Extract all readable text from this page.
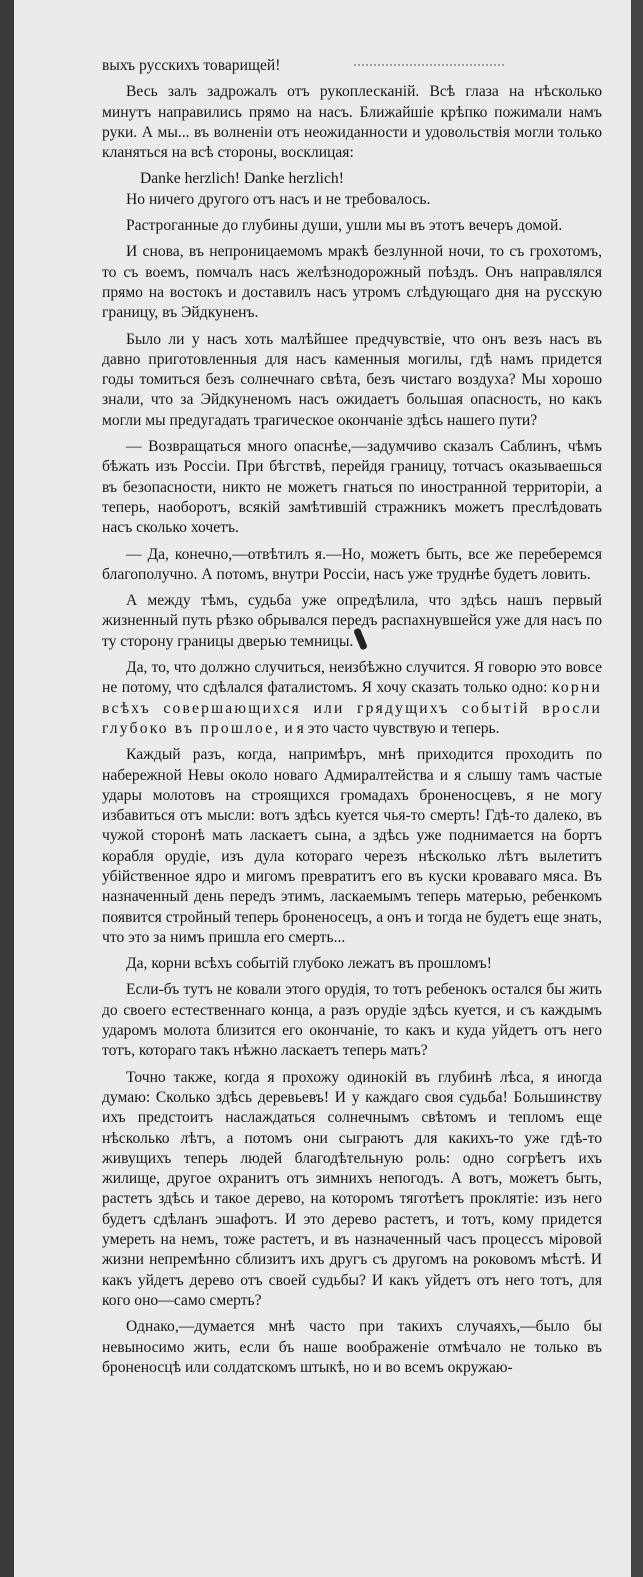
выхъ русскихъ товарищей!

Весь залъ задрожалъ отъ рукоплесканій. Всѣ глаза на нѣсколько минутъ направились прямо на насъ. Ближайшіе крѣпко пожимали намъ руки. А мы... въ волненіи отъ неожиданности и удовольствія могли только кланяться на всѣ стороны, восклицая:

Danke herzlich! Danke herzlich!

Но ничего другого отъ насъ и не требовалось.

Растроганные до глубины души, ушли мы въ этотъ вечеръ домой.

И снова, въ непроницаемомъ мракѣ безлунной ночи, то съ грохотомъ, то съ воемъ, помчалъ насъ желѣзнодорожный поѣздъ. Онъ направлялся прямо на востокъ и доставилъ насъ утромъ слѣдующаго дня на русскую границу, въ Эйдкуненъ.

Было ли у насъ хоть малѣйшее предчувствіе, что онъ везъ насъ въ давно приготовленныя для насъ каменныя могилы, гдѣ намъ придется годы томиться безъ солнечнаго свѣта, безъ чистаго воздуха? Мы хорошо знали, что за Эйдкуненомъ насъ ожидаетъ большая опасность, но какъ могли мы предугадать трагическое окончаніе здѣсь нашего пути?

— Возвращаться много опаснѣе,—задумчиво сказалъ Саблинъ, чѣмъ бѣжать изъ Россіи. При бѣгствѣ, перейдя границу, тотчасъ оказываешься въ безопасности, никто не можетъ гнаться по иностранной территоріи, а теперь, наоборотъ, всякій замѣтившій стражникъ можетъ преслѣдовать насъ сколько хочетъ.

— Да, конечно,—отвѣтилъ я.—Но, можетъ быть, все же переберемся благополучно. А потомъ, внутри Россіи, насъ уже труднѣе будетъ ловить.

А между тѣмъ, судьба уже опредѣлила, что здѣсь нашъ первый жизненный путь рѣзко обрывался передъ распахнувшейся уже для насъ по ту сторону границы дверью темницы.

Да, то, что должно случиться, неизбѣжно случится. Я говорю это вовсе не потому, что сдѣлался фаталистомъ. Я хочу сказать только одно: корни всѣхъ совершающихся или грядущихъ событій вросли глубоко въ прошлое, и я это часто чувствую и теперь.

Каждый разъ, когда, напримѣръ, мнѣ приходится проходить по набережной Невы около новаго Адмиралтейства и я слышу тамъ частые удары молотовъ на строящихся громадахъ броненосцевъ, я не могу избавиться отъ мысли: вотъ здѣсь куется чья-то смерть! Гдѣ-то далеко, въ чужой сторонѣ мать ласкаетъ сына, а здѣсь уже поднимается на бортъ корабля орудіе, изъ дула котораго черезъ нѣсколько лѣтъ вылетитъ убійственное ядро и мигомъ превратитъ его въ куски кроваваго мяса. Въ назначенный день передъ этимъ, ласкаемымъ теперь матерью, ребенкомъ появится стройный теперь броненосецъ, а онъ и тогда не будетъ еще знать, что это за нимъ пришла его смерть...

Да, корни всѣхъ событій глубоко лежатъ въ прошломъ!

Если-бъ тутъ не ковали этого орудія, то тотъ ребенокъ остался бы жить до своего естественнаго конца, а разъ орудіе здѣсь куется, и съ каждымъ ударомъ молота близится его окончаніе, то какъ и куда уйдетъ отъ него тотъ, котораго такъ нѣжно ласкаетъ теперь мать?

Точно также, когда я прохожу одинокій въ глубинѣ лѣса, я иногда думаю: Сколько здѣсь деревьевъ! И у каждаго своя судьба! Большинству ихъ предстоитъ наслаждаться солнечнымъ свѣтомъ и тепломъ еще нѣсколько лѣтъ, а потомъ они сыграютъ для какихъ-то уже гдѣ-то живущихъ теперь людей благодѣтельную роль: одно согрѣетъ ихъ жилище, другое охранитъ отъ зимнихъ непогодъ. А вотъ, можетъ быть, растетъ здѣсь и такое дерево, на которомъ тяготѣетъ проклятіе: изъ него будетъ сдѣланъ эшафотъ. И это дерево растетъ, и тотъ, кому придется умереть на немъ, тоже растетъ, и въ назначенный часъ процессъ міровой жизни непремѣнно сблизитъ ихъ другъ съ другомъ на роковомъ мѣстѣ. И какъ уйдетъ дерево отъ своей судьбы? И какъ уйдетъ отъ него тотъ, для кого оно—само смерть?

Однако,—думается мнѣ часто при такихъ случаяхъ,—было бы невыносимо жить, если бъ наше воображеніе отмѣчало не только въ броненосцѣ или солдатскомъ штыкѣ, но и во всемъ окружаю-
